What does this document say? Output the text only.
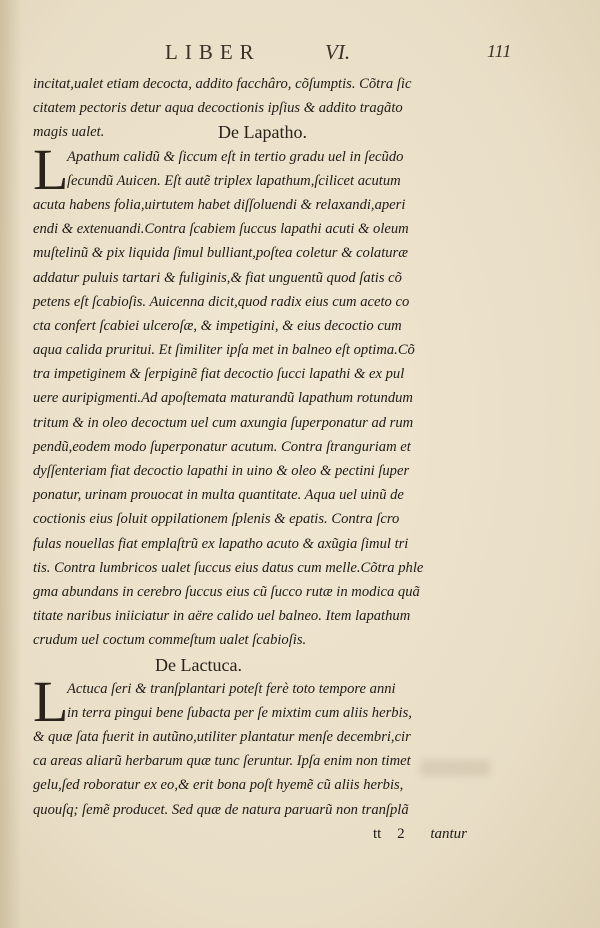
LIBER	VI.	111
incitat,ualet etiam decocta, addito facchâro, cõſumptis. Cõtra ſic
citatem pectoris detur aqua decoctionis ipſius & addito tragãto
magis ualet.	De Lapatho.
L
Apathum calidũ & ſiccum eſt in tertio gradu uel in ſecũdo
ſecundũ Auicen. Eſt autẽ triplex lapathum,ſcilicet acutum
acuta habens folia,uirtutem habet diſſoluendi & relaxandi,aperi
endi & extenuandi.Contra ſcabiem ſuccus lapathi acuti & oleum
muſtelinũ & pix liquida ſimul bulliant,poſtea coletur & colaturæ
addatur puluis tartari & fuliginis,& fiat unguentũ quod ſatis cõ
petens eſt ſcabioſis. Auicenna dicit,quod radix eius cum aceto co
cta confert ſcabiei ulceroſæ, & impetigini, & eius decoctio cum
aqua calida pruritui. Et ſimiliter ipſa met in balneo eſt optima.Cõ
tra impetiginem & ſerpiginẽ fiat decoctio ſucci lapathi & ex pul
uere auripigmenti.Ad apoſtemata maturandũ lapathum rotundum
tritum & in oleo decoctum uel cum axungia ſuperponatur ad rum
pendũ,eodem modo ſuperponatur acutum. Contra ſtranguriam et
dyſſenteriam fiat decoctio lapathi in uino & oleo & pectini ſuper
ponatur, urinam prouocat in multa quantitate. Aqua uel uinũ de
coctionis eius ſoluit oppilationem ſplenis & epatis. Contra ſcro
fulas nouellas fiat emplaſtrũ ex lapatho acuto & axũgia ſimul tri
tis. Contra lumbricos ualet ſuccus eius datus cum melle.Cõtra phle
gma abundans in cerebro ſuccus eius cũ ſucco rutæ in modica quã
titate naribus iniiciatur in aëre calido uel balneo. Item lapathum
crudum uel coctum commeſtum ualet ſcabioſis.
De Lactuca.
L
Actuca ſeri & tranſplantari poteſt ferè toto tempore anni
in terra pingui bene ſubacta per ſe mixtim cum aliis herbis,
& quæ ſata fuerit in autũno,utiliter plantatur menſe decembri,cir
ca areas aliarũ herbarum quæ tunc ſeruntur. Ipſa enim non timet
gelu,ſed roboratur ex eo,& erit bona poſt hyemẽ cũ aliis herbis,
quouſq; ſemẽ producet. Sed quæ de natura paruarũ non tranſplã
tt 2 tantur
